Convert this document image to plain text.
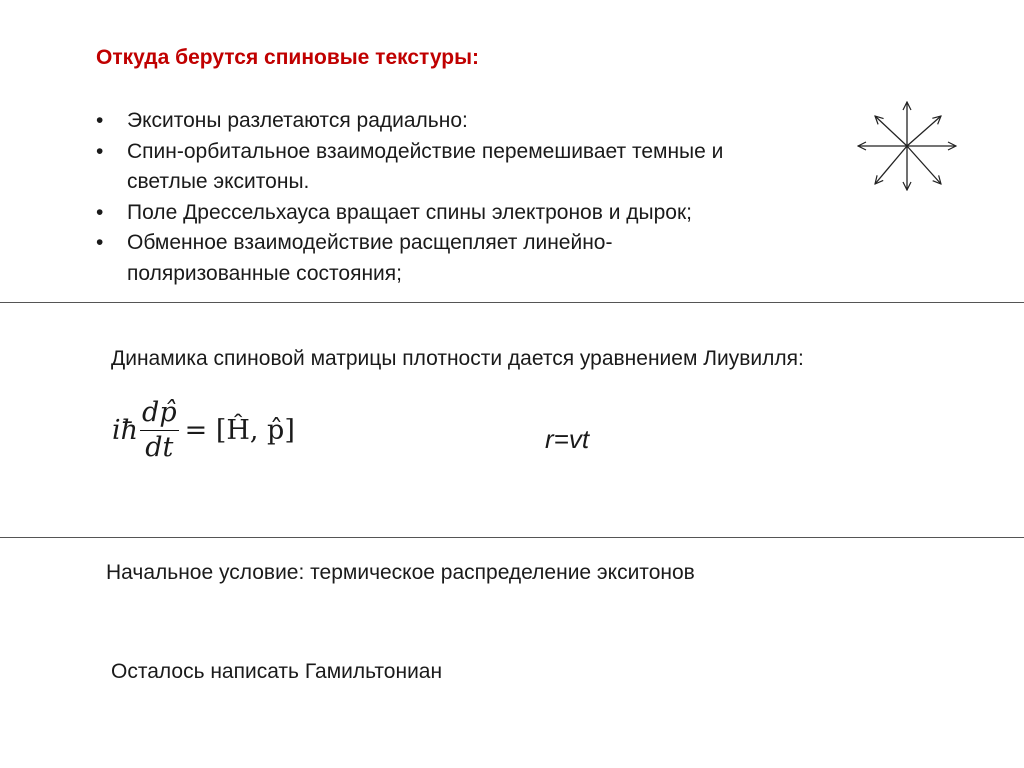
Откуда берутся спиновые текстуры:
• Экситоны разлетаются радиально:
• Спин-орбитальное взаимодействие перемешивает темные и светлые экситоны.
• Поле Дрессельхауса вращает спины электронов и дырок;
• Обменное взаимодействие расщепляет линейно-поляризованные состояния;
Динамика спиновой матрицы плотности дается уравнением Лиувилля:
iħ $\frac{dp̂}{dt}$ = [Ĥ, p̂]	r=vt
Начальное условие: термическое распределение экситонов
Осталось написать Гамильтониан
